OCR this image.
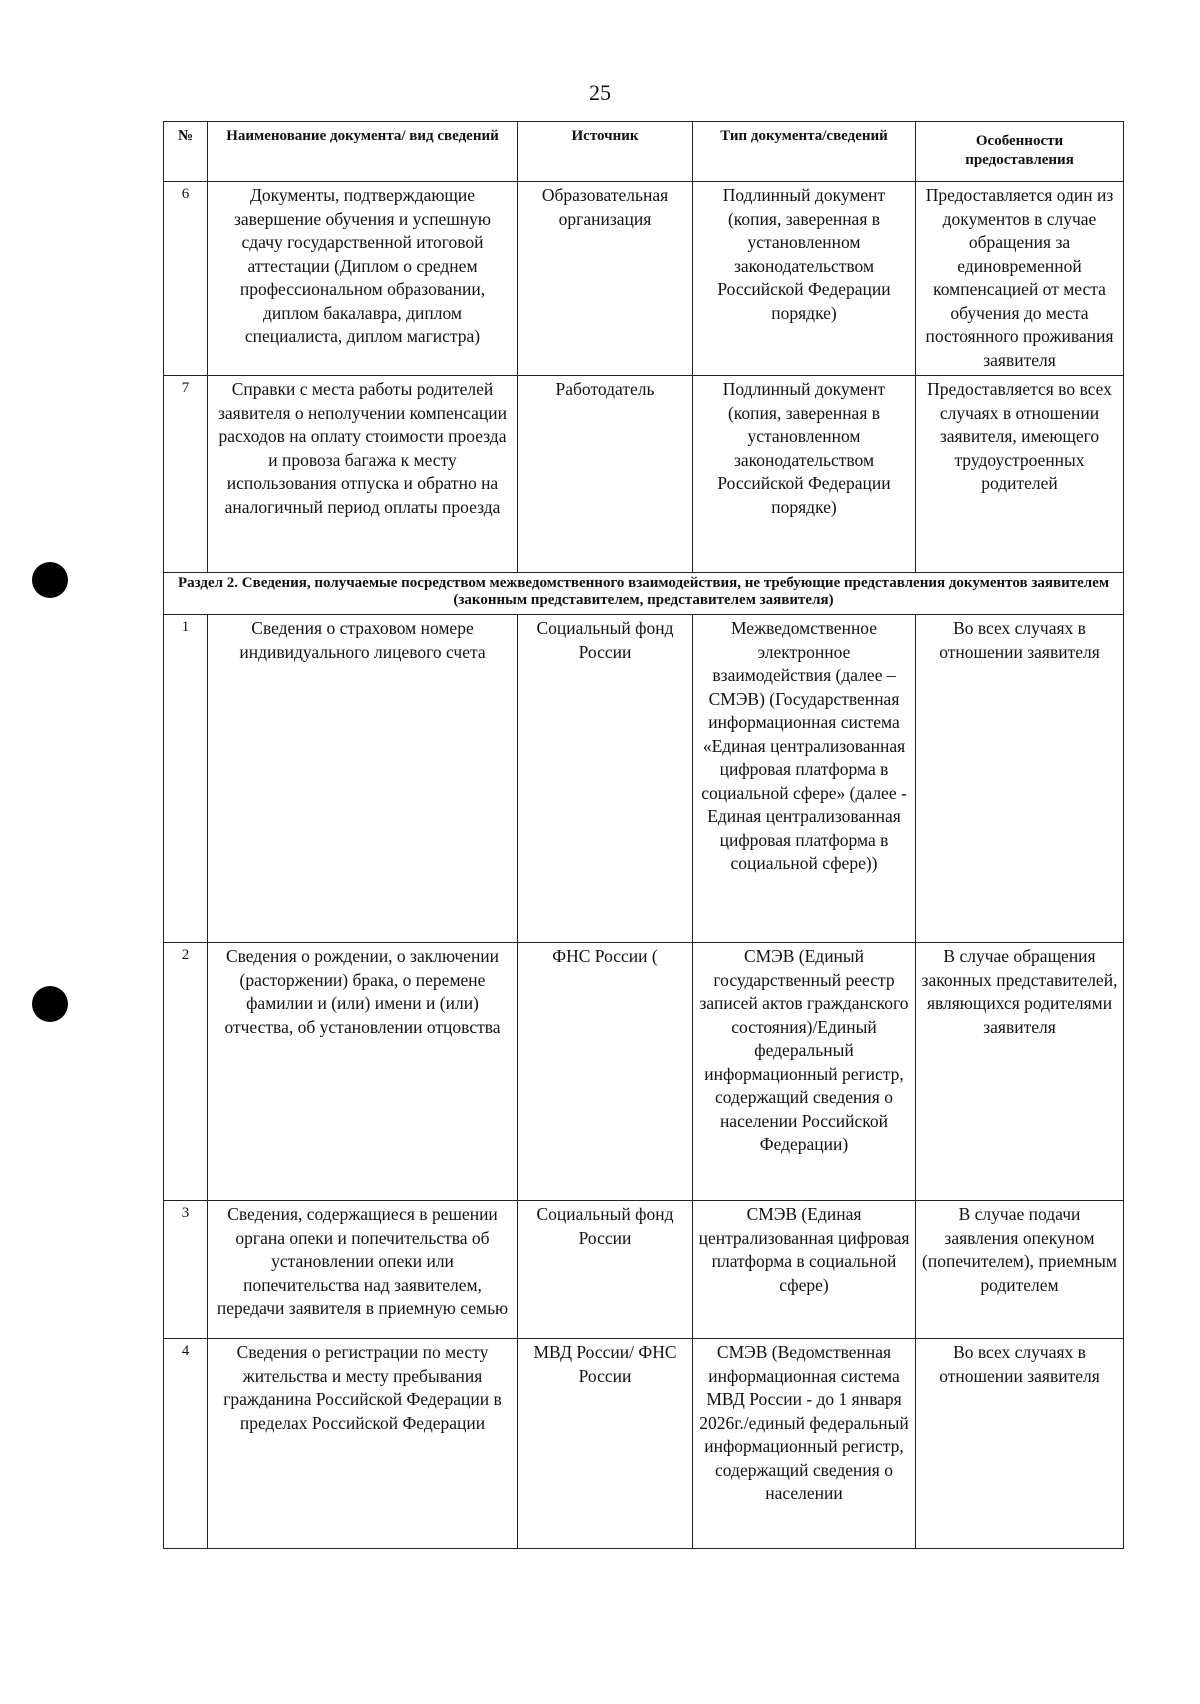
25
№	Наименование документа/ вид сведений	Источник	Тип документа/сведений	Особенности предоставления
6	Документы, подтверждающие завершение обучения и успешную сдачу государственной итоговой аттестации (Диплом о среднем профессиональном образовании, диплом бакалавра, диплом специалиста, диплом магистра)	Образовательная организация	Подлинный документ (копия, заверенная в установленном законодательством Российской Федерации порядке)	Предоставляется один из документов в случае обращения за единовременной компенсацией от места обучения до места постоянного проживания заявителя
7	Справки с места работы родителей заявителя о неполучении компенсации расходов на оплату стоимости проезда и провоза багажа к месту использования отпуска и обратно на аналогичный период оплаты проезда	Работодатель	Подлинный документ (копия, заверенная в установленном законодательством Российской Федерации порядке)	Предоставляется во всех случаях в отношении заявителя, имеющего трудоустроенных родителей
Раздел 2. Сведения, получаемые посредством межведомственного взаимодействия, не требующие представления документов заявителем (законным представителем, представителем заявителя)				
1	Сведения о страховом номере индивидуального лицевого счета	Социальный фонд России	Межведомственное электронное взаимодействия (далее – СМЭВ) (Государственная информационная система «Единая централизованная цифровая платформа в социальной сфере» (далее - Единая централизованная цифровая платформа в социальной сфере))	Во всех случаях в отношении заявителя
2	Сведения о рождении, о заключении (расторжении) брака, о перемене фамилии и (или) имени и (или) отчества, об установлении отцовства	ФНС России (	СМЭВ (Единый государственный реестр записей актов гражданского состояния)/Единый федеральный информационный регистр, содержащий сведения о населении Российской Федерации)	В случае обращения законных представителей, являющихся родителями заявителя
3	Сведения, содержащиеся в решении органа опеки и попечительства об установлении опеки или попечительства над заявителем, передачи заявителя в приемную семью	Социальный фонд России	СМЭВ (Единая централизованная цифровая платформа в социальной сфере)	В случае подачи заявления опекуном (попечителем), приемным родителем
4	Сведения о регистрации по месту жительства и месту пребывания гражданина Российской Федерации в пределах Российской Федерации	МВД России/ ФНС России	СМЭВ (Ведомственная информационная система МВД России - до 1 января 2026г./единый федеральный информационный регистр, содержащий сведения о населении	Во всех случаях в отношении заявителя
